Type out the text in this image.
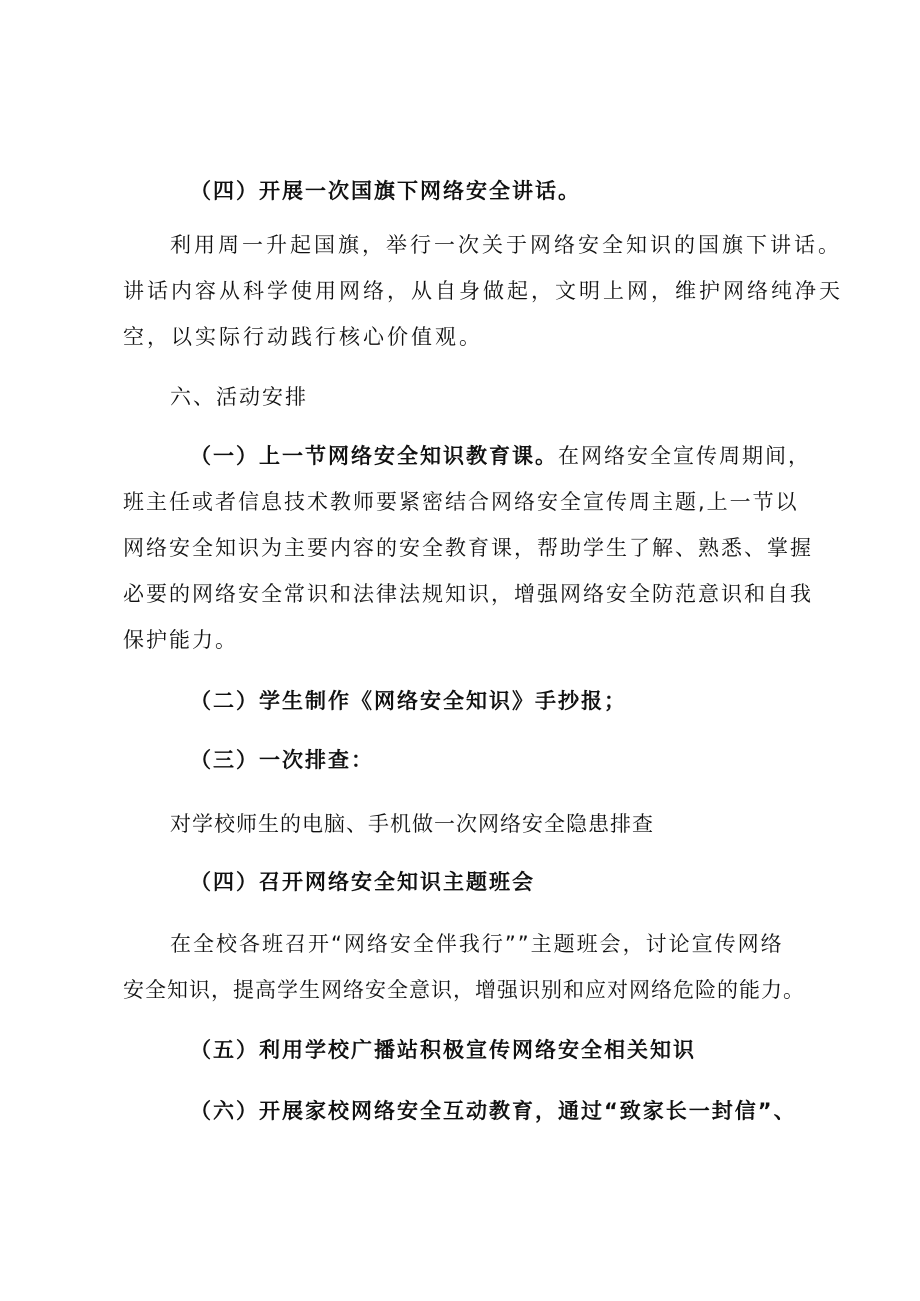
（四）开展一次国旗下网络安全讲话。
利用周一升起国旗，举行一次关于网络安全知识的国旗下讲话。
讲话内容从科学使用网络，从自身做起，文明上网，维护网络纯净天
空，以实际行动践行核心价值观。
六、活动安排
（一）上一节网络安全知识教育课。在网络安全宣传周期间，
班主任或者信息技术教师要紧密结合网络安全宣传周主题,上一节以
网络安全知识为主要内容的安全教育课，帮助学生了解、熟悉、掌握
必要的网络安全常识和法律法规知识，增强网络安全防范意识和自我
保护能力。
（二）学生制作《网络安全知识》手抄报；
（三）一次排查：
对学校师生的电脑、手机做一次网络安全隐患排查
（四）召开网络安全知识主题班会
在全校各班召开“网络安全伴我行””主题班会，讨论宣传网络
安全知识，提高学生网络安全意识，增强识别和应对网络危险的能力。
（五）利用学校广播站积极宣传网络安全相关知识
（六）开展家校网络安全互动教育，通过“致家长一封信”、
